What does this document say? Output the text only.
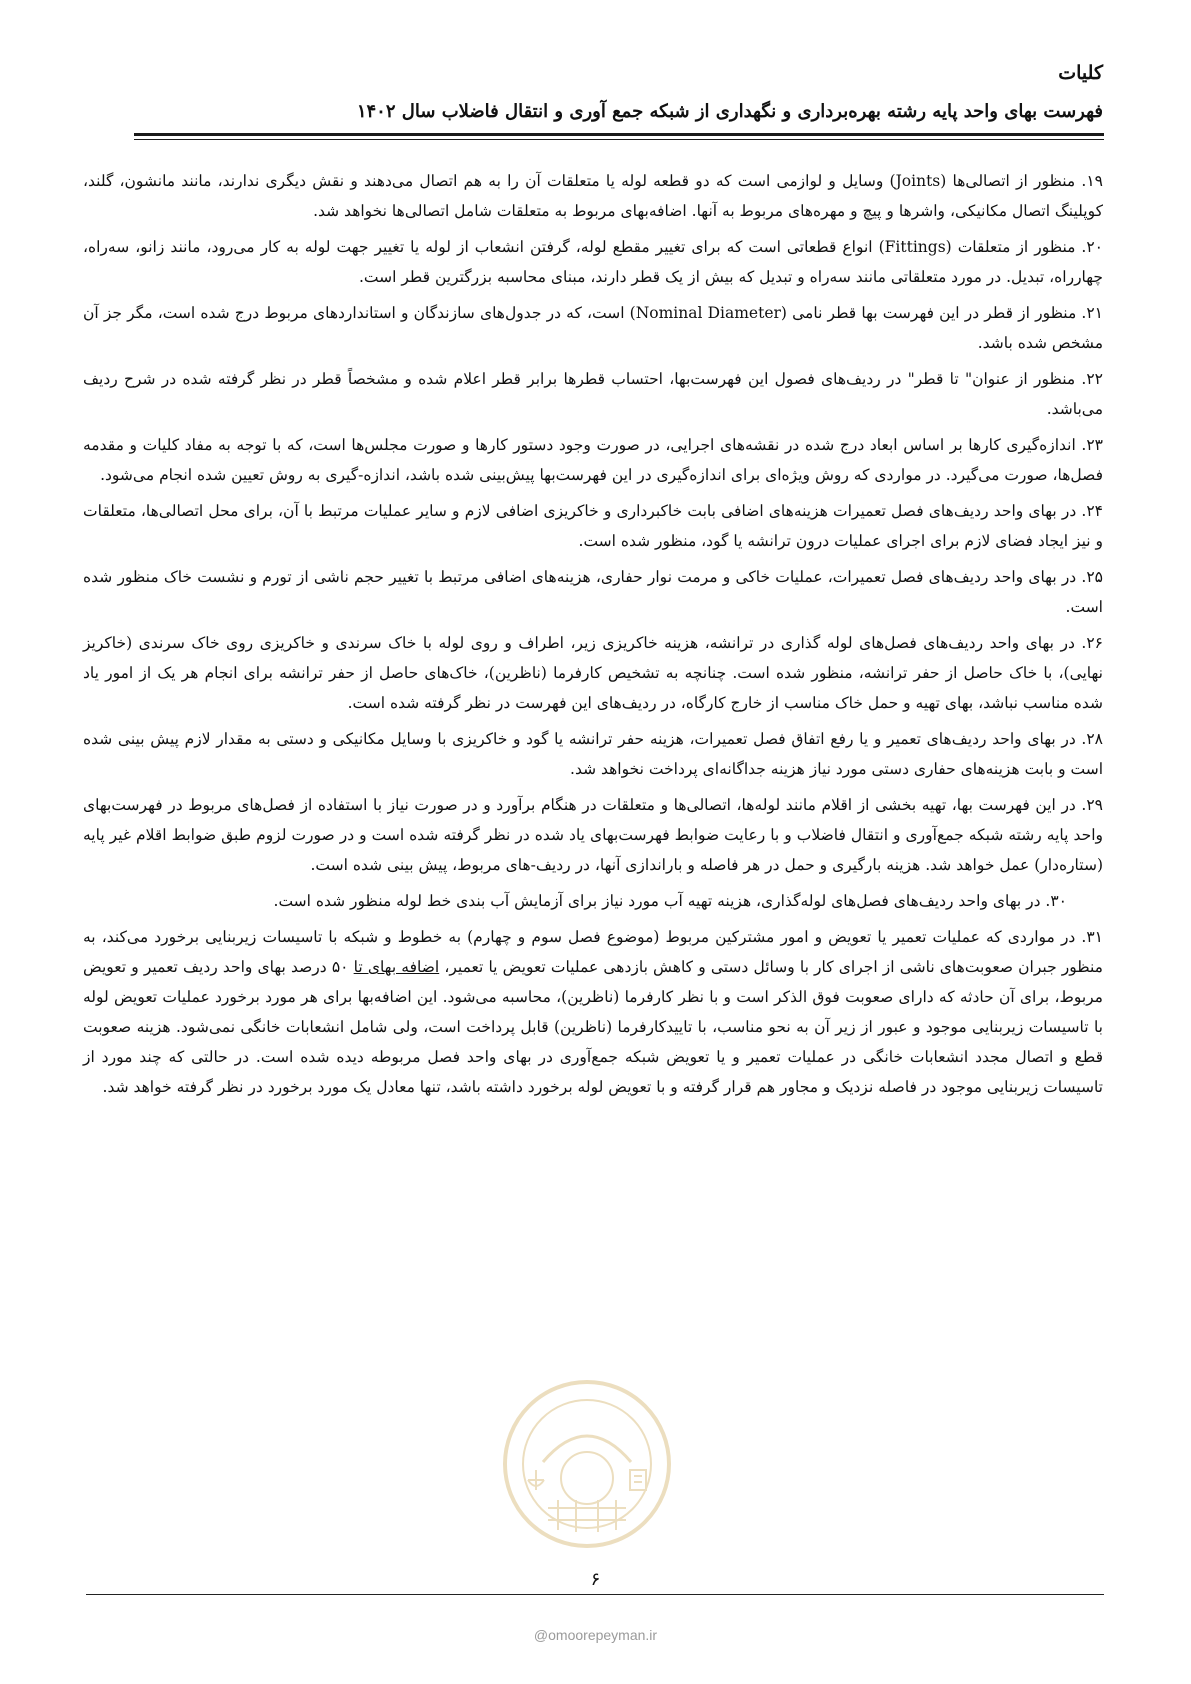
کلیات
فهرست بهای واحد پایه رشته بهره‌برداری و نگهداری از شبکه جمع آوری و انتقال فاضلاب سال ۱۴۰۲

۱۹. منظور از اتصالی‌ها (Joints) وسایل و لوازمی است که دو قطعه لوله یا متعلقات آن را به هم اتصال می‌دهند و نقش دیگری ندارند، مانند مانشون، گلند، کوپلینگ اتصال مکانیکی، واشرها و پیچ و مهره‌های مربوط به آنها. اضافه‌بهای مربوط به متعلقات شامل اتصالی‌ها نخواهد شد.

۲۰. منظور از متعلقات (Fittings) انواع قطعاتی است که برای تغییر مقطع لوله، گرفتن انشعاب از لوله یا تغییر جهت لوله به کار می‌رود، مانند زانو، سه‌راه، چهارراه، تبدیل. در مورد متعلقاتی مانند سه‌راه و تبدیل که بیش از یک قطر دارند، مبنای محاسبه بزرگترین قطر است.

۲۱. منظور از قطر در این فهرست بها قطر نامی (Nominal Diameter) است، که در جدول‌های سازندگان و استانداردهای مربوط درج شده است، مگر جز آن مشخص شده باشد.

۲۲. منظور از عنوان" تا قطر" در ردیف‌های فصول این فهرست‌بها، احتساب قطرها برابر قطر اعلام شده و مشخصاً قطر در نظر گرفته شده در شرح ردیف می‌باشد.

۲۳. اندازه‌گیری کارها بر اساس ابعاد درج شده در نقشه‌های اجرایی، در صورت وجود دستور کارها و صورت مجلس‌ها است، که با توجه به مفاد کلیات و مقدمه فصل‌ها، صورت می‌گیرد. در مواردی که روش ویژه‌ای برای اندازه‌گیری در این فهرست‌بها پیش‌بینی شده باشد، اندازه-گیری به روش تعیین شده انجام می‌شود.

۲۴. در بهای واحد ردیف‌های فصل تعمیرات هزینه‌های اضافی بابت خاکبرداری و خاکریزی اضافی لازم و سایر عملیات مرتبط با آن، برای محل اتصالی‌ها، متعلقات و نیز ایجاد فضای لازم برای اجرای عملیات درون ترانشه یا گود، منظور شده است.

۲۵. در بهای واحد ردیف‌های فصل تعمیرات، عملیات خاکی و مرمت نوار حفاری، هزینه‌های اضافی مرتبط با تغییر حجم ناشی از تورم و نشست خاک منظور شده است.

۲۶. در بهای واحد ردیف‌های فصل‌های لوله گذاری در ترانشه، هزینه خاکریزی زیر، اطراف و روی لوله با خاک سرندی و خاکریزی روی خاک سرندی (خاکریز نهایی)، با خاک حاصل از حفر ترانشه، منظور شده است. چنانچه به تشخیص کارفرما (ناظرین)، خاک‌های حاصل از حفر ترانشه برای انجام هر یک از امور یاد شده مناسب نباشد، بهای تهیه و حمل خاک مناسب از خارج کارگاه، در ردیف‌های این فهرست در نظر گرفته شده است.

۲۸. در بهای واحد ردیف‌های تعمیر و یا رفع اتفاق فصل تعمیرات، هزینه حفر ترانشه یا گود و خاکریزی با وسایل مکانیکی و دستی به مقدار لازم پیش بینی شده است و بابت هزینه‌های حفاری دستی مورد نیاز هزینه جداگانه‌ای پرداخت نخواهد شد.

۲۹. در این فهرست بها، تهیه بخشی از اقلام مانند لوله‌ها، اتصالی‌ها و متعلقات در هنگام برآورد و در صورت نیاز با استفاده از فصل‌های مربوط در فهرست‌بهای واحد پایه رشته شبکه جمع‌آوری و انتقال فاضلاب و با رعایت ضوابط فهرست‌بهای یاد شده در نظر گرفته شده است و در صورت لزوم طبق ضوابط اقلام غیر پایه (ستاره‌دار) عمل خواهد شد. هزینه بارگیری و حمل در هر فاصله و باراندازی آنها، در ردیف-های مربوط، پیش بینی شده است.

۳۰. در بهای واحد ردیف‌های فصل‌های لوله‌گذاری، هزینه تهیه آب مورد نیاز برای آزمایش آب بندی خط لوله منظور شده است.

۳۱. در مواردی که عملیات تعمیر یا تعویض و امور مشترکین مربوط (موضوع فصل سوم و چهارم) به خطوط و شبکه با تاسیسات زیربنایی برخورد می‌کند، به منظور جبران صعوبت‌های ناشی از اجرای کار با وسائل دستی و کاهش بازدهی عملیات تعویض یا تعمیر، اضافه بهای تا ۵۰ درصد بهای واحد ردیف تعمیر و تعویض مربوط، برای آن حادثه که دارای صعوبت فوق الذکر است و با نظر کارفرما (ناظرین)، محاسبه می‌شود. این اضافه‌بها برای هر مورد برخورد عملیات تعویض لوله با تاسیسات زیربنایی موجود و عبور از زیر آن به نحو مناسب، با تاییدکارفرما (ناظرین) قابل پرداخت است، ولی شامل انشعابات خانگی نمی‌شود. هزینه صعوبت قطع و اتصال مجدد انشعابات خانگی در عملیات تعمیر و یا تعویض شبکه جمع‌آوری در بهای واحد فصل مربوطه دیده شده است. در حالتی که چند مورد از تاسیسات زیربنایی موجود در فاصله نزدیک و مجاور هم قرار گرفته و با تعویض لوله برخورد داشته باشد، تنها معادل یک مورد برخورد در نظر گرفته خواهد شد.

۶
@omoorepeyman.ir
